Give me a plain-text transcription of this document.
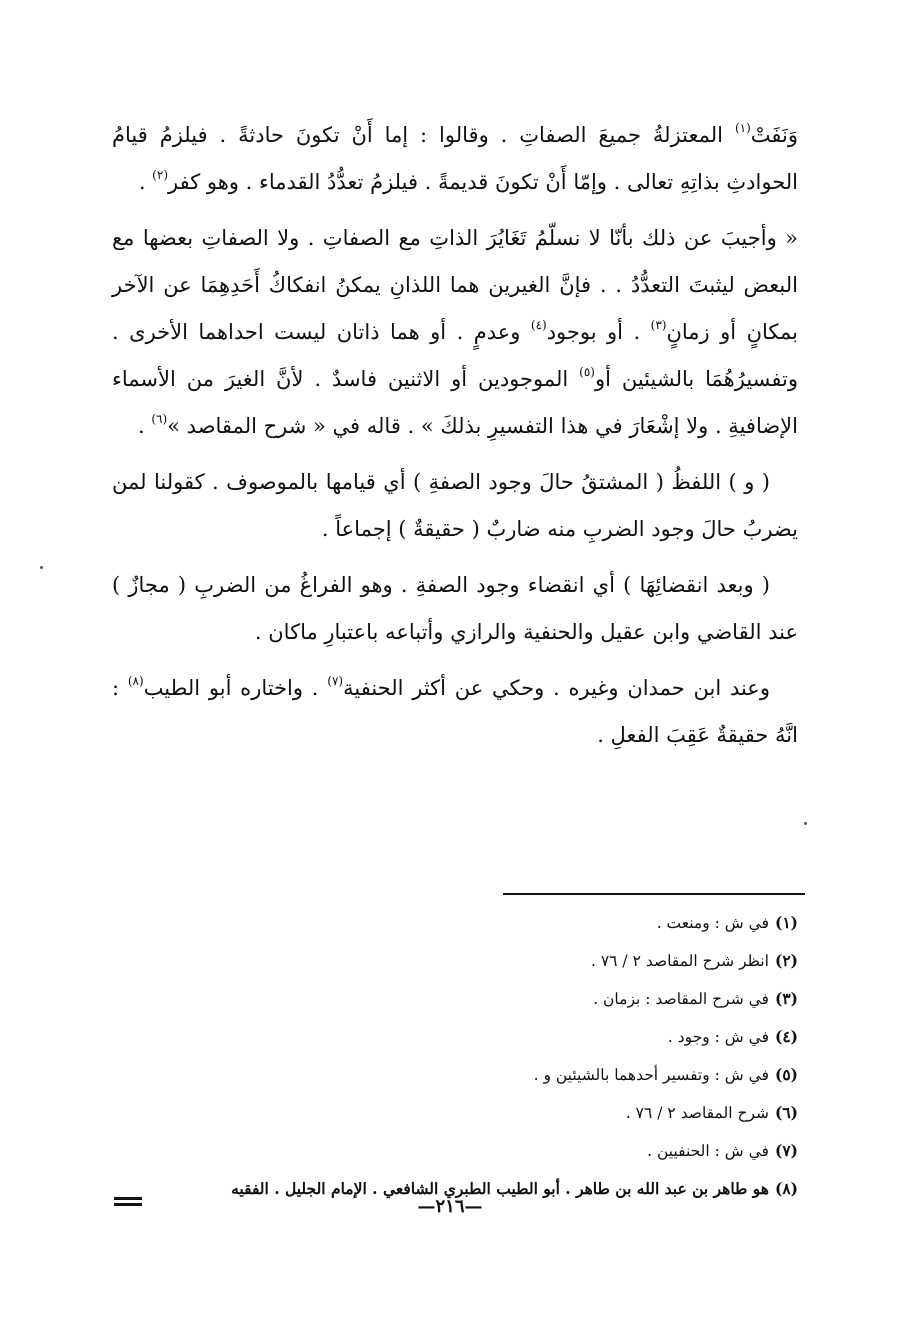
وَنَفَتْ$^{(١)}$ المعتزلةُ جميعَ الصفاتِ . وقالوا : إما أَنْ تكونَ حادثةً . فيلزمُ قيامُ الحوادثِ بذاتِهِ تعالى . وإمّا أَنْ تكونَ قديمةً . فيلزمُ تعدُّدُ القدماء . وهو كفر$^{(٢)}$ .

« وأجيبَ عن ذلك بأنّا لا نسلّمُ تَغَايُرَ الذاتِ مع الصفاتِ . ولا الصفاتِ بعضها مع البعض ليثبتَ التعدُّدُ . . فإنَّ الغيرين هما اللذانِ يمكنُ انفكاكُ أَحَدِهِمَا عن الآخر بمكانٍ أو زمانٍ$^{(٣)}$ . أو بوجود$^{(٤)}$ وعدمٍ . أو هما ذاتان ليست احداهما الأخرى . وتفسيرُهُمَا بالشيئين أو$^{(٥)}$ الموجودين أو الاثنين فاسدٌ . لأنَّ الغيرَ من الأسماء الإضافيةِ . ولا إشْعَارَ في هذا التفسيرِ بذلكَ » . قاله في « شرح المقاصد »$^{(٦)}$ .

( و ) اللفظُ ( المشتقُ حالَ وجود الصفةِ ) أي قيامها بالموصوف . كقولنا لمن يضربُ حالَ وجود الضربِ منه ضاربٌ ( حقيقةٌ ) إجماعاً .

( وبعد انقضائِهَا ) أي انقضاء وجود الصفةِ . وهو الفراغُ من الضربِ ( مجازٌ ) عند القاضي وابن عقيل والحنفية والرازي وأتباعه باعتبارِ ماكان .

وعند ابن حمدان وغيره . وحكي عن أكثر الحنفية$^{(٧)}$ . واختاره أبو الطيب$^{(٨)}$ : انَّهُ حقيقةٌ عَقِبَ الفعلِ .

(١)في ش : ومنعت .

(٢)انظر شرح المقاصد ٢ / ٧٦ .

(٣)في شرح المقاصد : بزمان .

(٤)في ش : وجود .

(٥)في ش : وتفسير أحدهما بالشيئين و .

(٦)شرح المقاصد ٢ / ٧٦ .

(٧)في ش : الحنفيين .

(٨)هو طاهر بن عبد الله بن طاهر . أبو الطيب الطبري الشافعي . الإمام الجليل . الفقيه

—٢١٦—
